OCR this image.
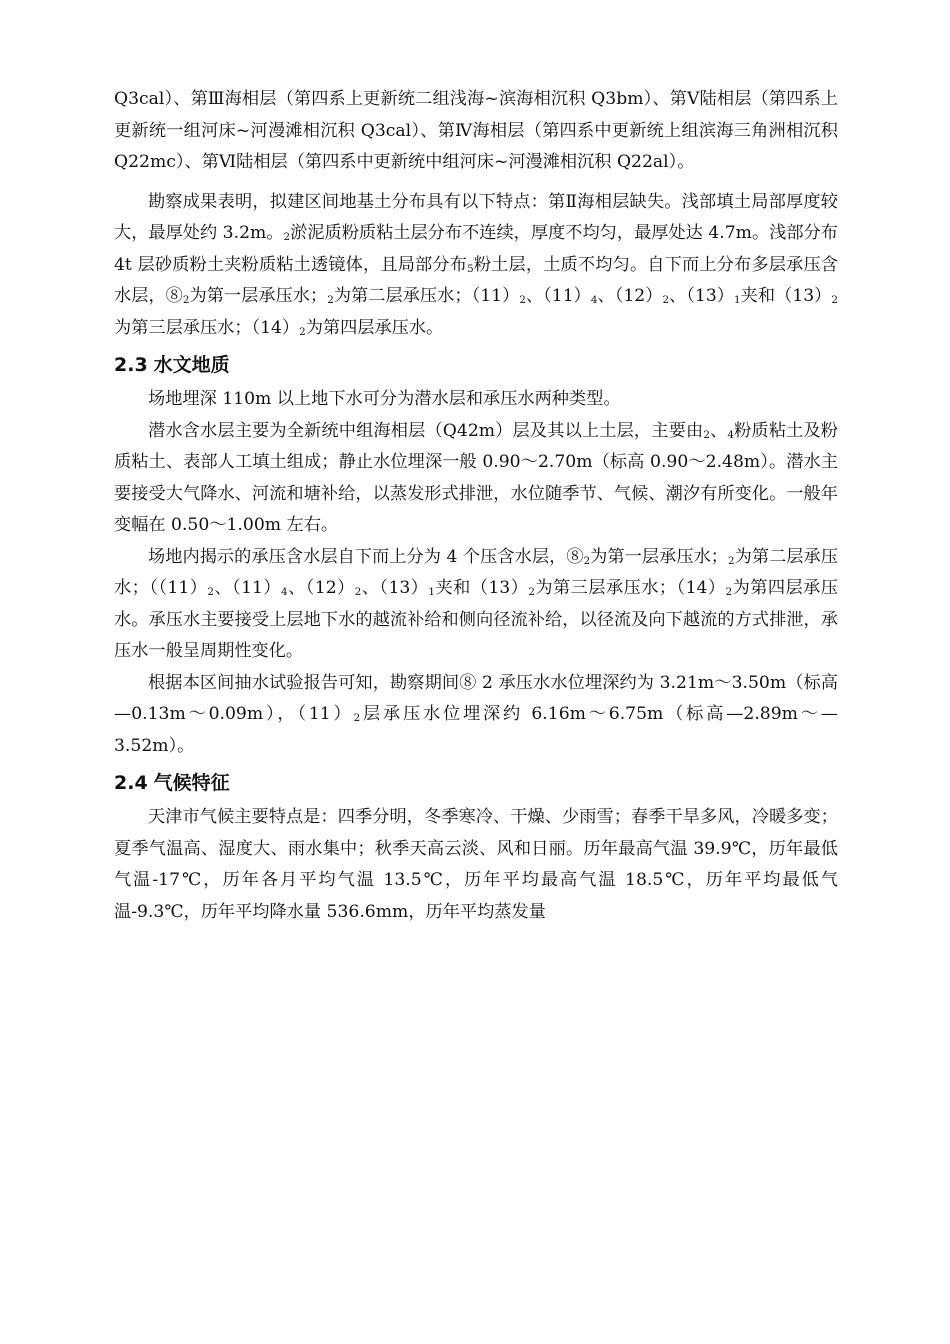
Q3cal）、第Ⅲ海相层（第四系上更新统二组浅海~滨海相沉积 Q3bm）、第Ⅴ陆相层（第四系上更新统一组河床~河漫滩相沉积 Q3cal）、第Ⅳ海相层（第四系中更新统上组滨海三角洲相沉积 Q22mc）、第Ⅵ陆相层（第四系中更新统中组河床~河漫滩相沉积 Q22al）。

勘察成果表明，拟建区间地基土分布具有以下特点：第Ⅱ海相层缺失。浅部填土局部厚度较大，最厚处约 3.2m。$_2$淤泥质粉质粘土层分布不连续，厚度不均匀，最厚处达 4.7m。浅部分布 4t 层砂质粉土夹粉质粘土透镜体，且局部分布$_5$粉土层，土质不均匀。自下而上分布多层承压含水层，$⑧_2$为第一层承压水；$_2$为第二层承压水；$(11)_2$、$(11)_4$、$(12)_2$、$(13)_1$夹和$(13)_2$为第三层承压水；$(14)_2$为第四层承压水。

2.3 水文地质

场地埋深 110m 以上地下水可分为潜水层和承压水两种类型。

潜水含水层主要为全新统中组海相层（Q42m）层及其以上土层，主要由$_2$、$_4$粉质粘土及粉质粘土、表部人工填土组成；静止水位埋深一般 0.90～2.70m（标高 0.90～2.48m）。潜水主要接受大气降水、河流和塘补给，以蒸发形式排泄，水位随季节、气候、潮汐有所变化。一般年变幅在 0.50～1.00m 左右。

场地内揭示的承压含水层自下而上分为 4 个压含水层，$⑧_2$为第一层承压水；$_2$为第二层承压水；（$(11)_2$、$(11)_4$、$(12)_2$、$(13)_1$夹和$(13)_2$为第三层承压水；$(14)_2$为第四层承压水。承压水主要接受上层地下水的越流补给和侧向径流补给，以径流及向下越流的方式排泄，承压水一般呈周期性变化。

根据本区间抽水试验报告可知，勘察期间⑧ 2 承压水水位埋深约为 3.21m～3.50m（标高—0.13m～0.09m），$(11)_2$层承压水位埋深约 6.16m～6.75m（标高—2.89m～—3.52m）。

2.4 气候特征

天津市气候主要特点是：四季分明，冬季寒冷、干燥、少雨雪；春季干旱多风，冷暖多变；夏季气温高、湿度大、雨水集中；秋季天高云淡、风和日丽。历年最高气温 39.9℃，历年最低气温-17℃，历年各月平均气温 13.5℃，历年平均最高气温 18.5℃，历年平均最低气温-9.3℃，历年平均降水量 536.6mm，历年平均蒸发量
